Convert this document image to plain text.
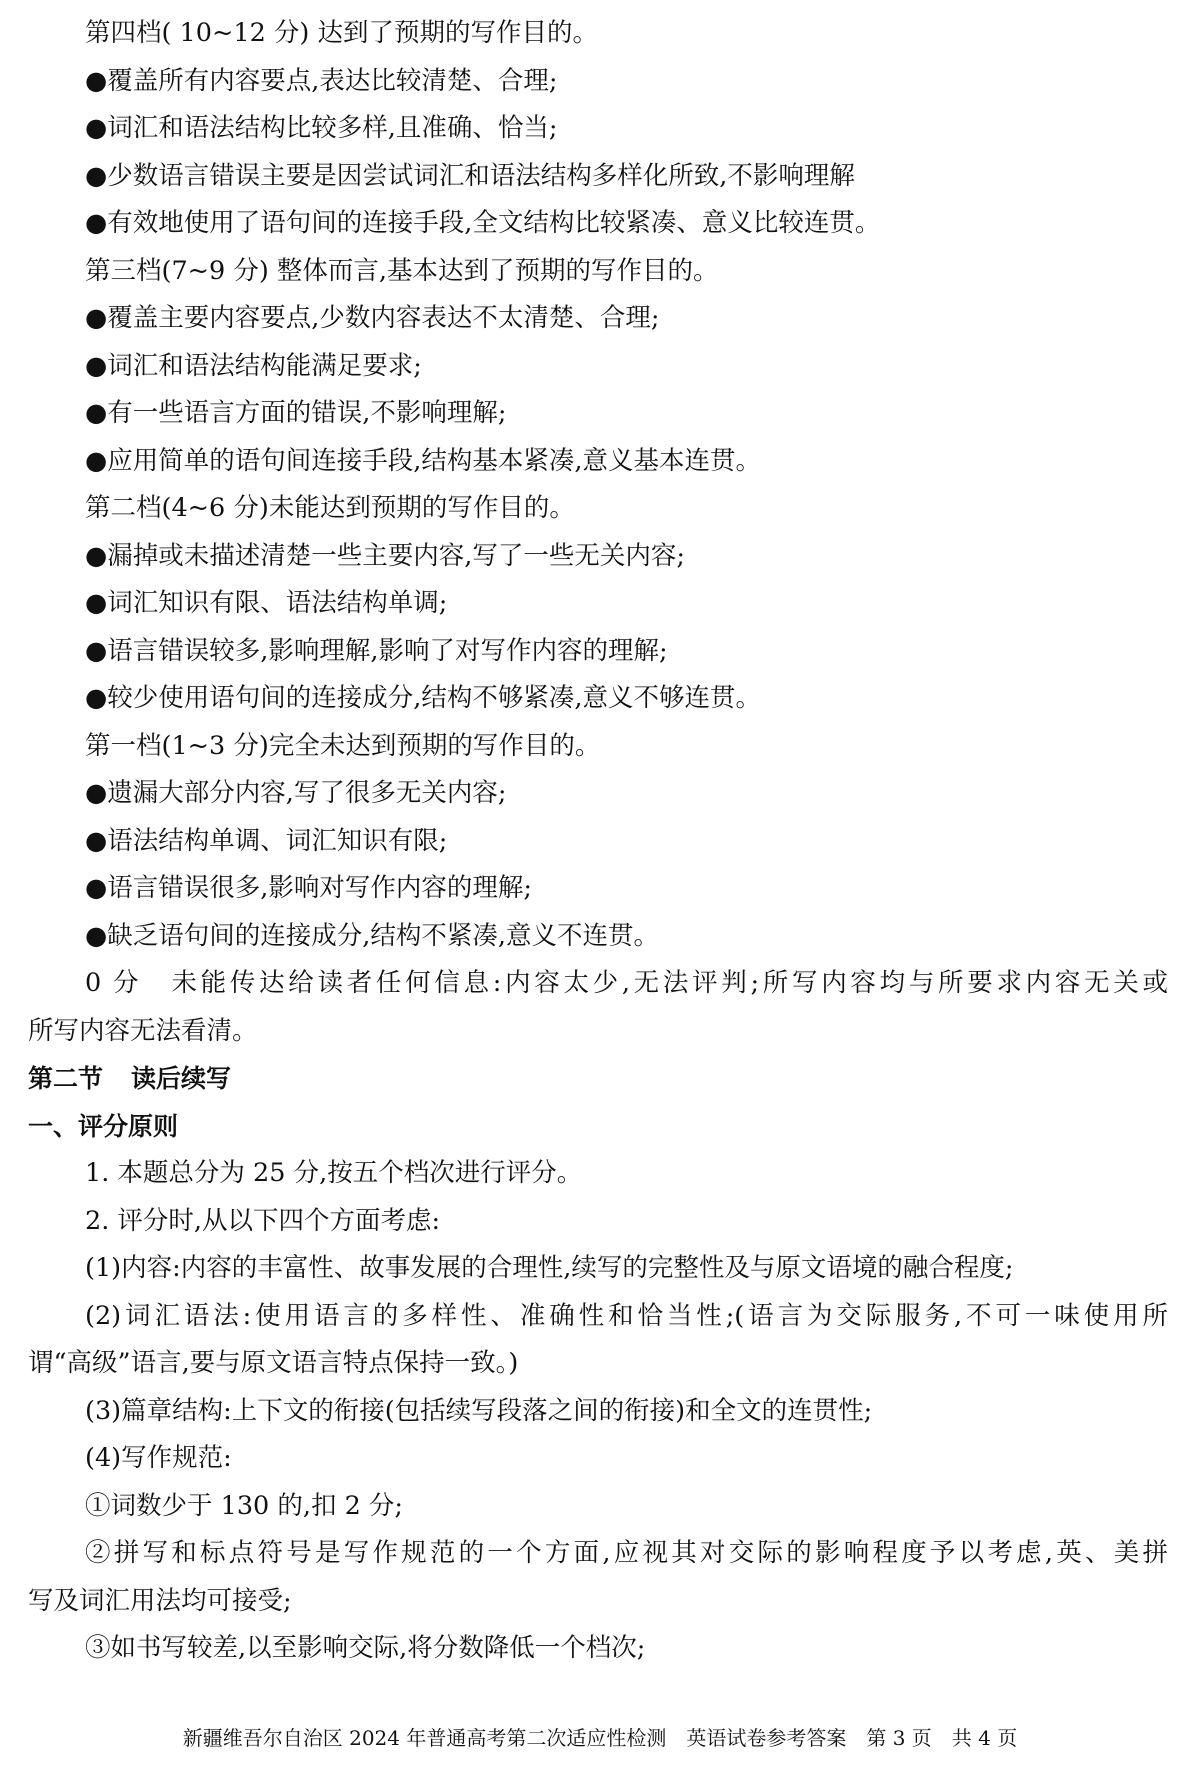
第四档( 10~12 分) 达到了预期的写作目的。
●覆盖所有内容要点,表达比较清楚、合理;
●词汇和语法结构比较多样,且准确、恰当;
●少数语言错误主要是因尝试词汇和语法结构多样化所致,不影响理解
●有效地使用了语句间的连接手段,全文结构比较紧凑、意义比较连贯。
第三档(7~9 分) 整体而言,基本达到了预期的写作目的。
●覆盖主要内容要点,少数内容表达不太清楚、合理;
●词汇和语法结构能满足要求;
●有一些语言方面的错误,不影响理解;
●应用简单的语句间连接手段,结构基本紧凑,意义基本连贯。
第二档(4~6 分)未能达到预期的写作目的。
●漏掉或未描述清楚一些主要内容,写了一些无关内容;
●词汇知识有限、语法结构单调;
●语言错误较多,影响理解,影响了对写作内容的理解;
●较少使用语句间的连接成分,结构不够紧凑,意义不够连贯。
第一档(1~3 分)完全未达到预期的写作目的。
●遗漏大部分内容,写了很多无关内容;
●语法结构单调、词汇知识有限;
●语言错误很多,影响对写作内容的理解;
●缺乏语句间的连接成分,结构不紧凑,意义不连贯。
0 分　未能传达给读者任何信息:内容太少,无法评判;所写内容均与所要求内容无关或
所写内容无法看清。
第二节 读后续写
一、评分原则
1. 本题总分为 25 分,按五个档次进行评分。
2. 评分时,从以下四个方面考虑:
(1)内容:内容的丰富性、故事发展的合理性,续写的完整性及与原文语境的融合程度;
(2)词汇语法:使用语言的多样性、准确性和恰当性;(语言为交际服务,不可一味使用所
谓“高级”语言,要与原文语言特点保持一致。)
(3)篇章结构:上下文的衔接(包括续写段落之间的衔接)和全文的连贯性;
(4)写作规范:
①词数少于 130 的,扣 2 分;
②拼写和标点符号是写作规范的一个方面,应视其对交际的影响程度予以考虑,英、美拼
写及词汇用法均可接受;
③如书写较差,以至影响交际,将分数降低一个档次;
新疆维吾尔自治区 2024 年普通高考第二次适应性检测　英语试卷参考答案　第 3 页　共 4 页
